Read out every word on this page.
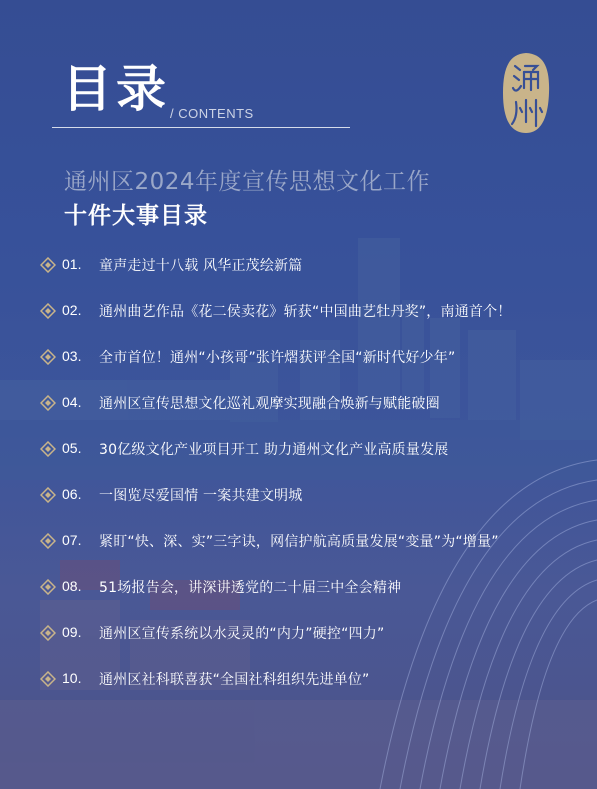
目录 / CONTENTS
通州区2024年度宣传思想文化工作
十件大事目录
01. 童声走过十八载 风华正茂绘新篇
02. 通州曲艺作品《花二侯卖花》斩获“中国曲艺牡丹奖”，南通首个！
03. 全市首位！通州“小孩哥”张许熠获评全国“新时代好少年”
04. 通州区宣传思想文化巡礼观摩实现融合焕新与赋能破圈
05. 30亿级文化产业项目开工 助力通州文化产业高质量发展
06. 一图览尽爱国情 一案共建文明城
07. 紧盯“快、深、实”三字诀，网信护航高质量发展“变量”为“增量”
08. 51场报告会，讲深讲透党的二十届三中全会精神
09. 通州区宣传系统以水灵灵的“内力”硬控“四力”
10. 通州区社科联喜获“全国社科组织先进单位”
